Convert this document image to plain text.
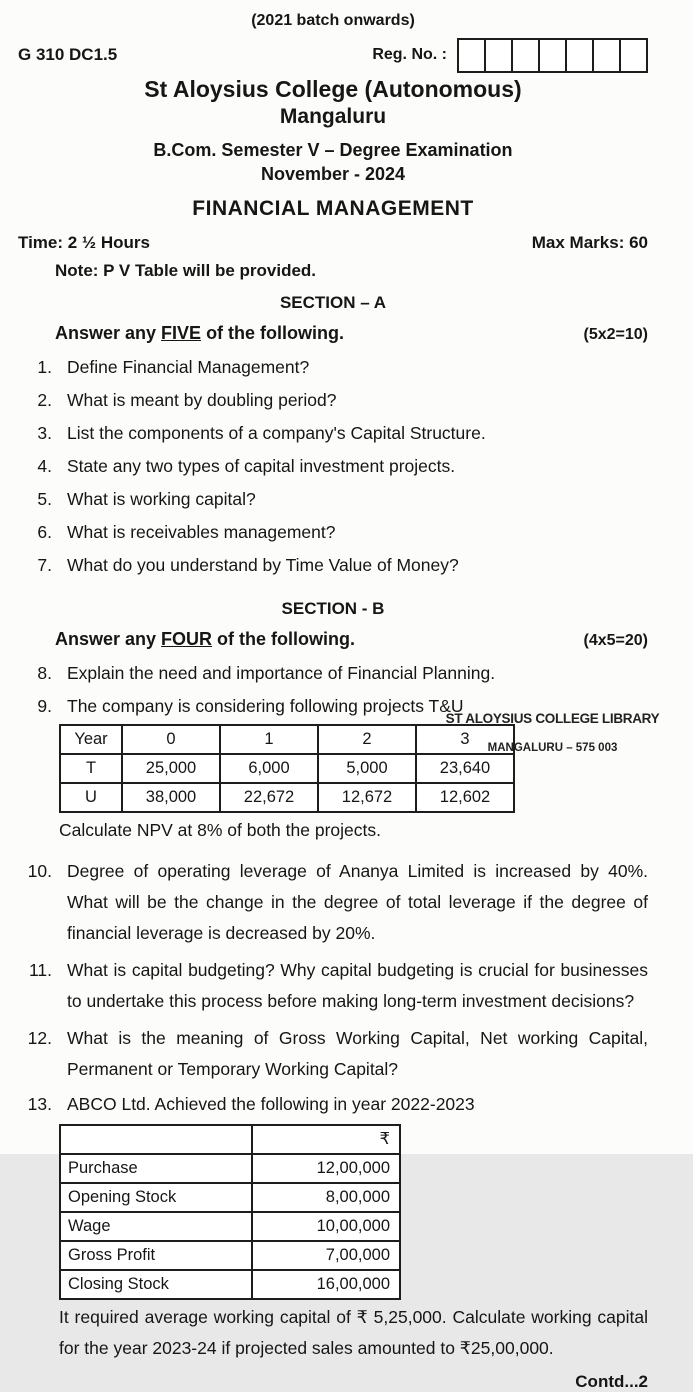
(2021 batch onwards)
G 310 DC1.5	Reg. No. :
St Aloysius College (Autonomous)
Mangaluru
B.Com. Semester V – Degree Examination
November - 2024
FINANCIAL MANAGEMENT
Time: 2 ½ Hours	Max Marks: 60
Note: P V Table will be provided.
SECTION – A
Answer any FIVE of the following.	(5x2=10)
1. Define Financial Management?
2. What is meant by doubling period?
3. List the components of a company's Capital Structure.
4. State any two types of capital investment projects.
5. What is working capital?
6. What is receivables management?
7. What do you understand by Time Value of Money?
SECTION - B
Answer any FOUR of the following.	(4x5=20)
8. Explain the need and importance of Financial Planning.
9. The company is considering following projects T&U
Year	0	1	2	3
T	25,000	6,000	5,000	23,640
U	38,000	22,672	12,672	12,602
Calculate NPV at 8% of both the projects.
ST ALOYSIUS COLLEGE LIBRARY
MANGALURU – 575 003
10. Degree of operating leverage of Ananya Limited is increased by 40%. What will be the change in the degree of total leverage if the degree of financial leverage is decreased by 20%.
11. What is capital budgeting? Why capital budgeting is crucial for businesses to undertake this process before making long-term investment decisions?
12. What is the meaning of Gross Working Capital, Net working Capital, Permanent or Temporary Working Capital?
13. ABCO Ltd. Achieved the following in year 2022-2023
	₹
Purchase	12,00,000
Opening Stock	8,00,000
Wage	10,00,000
Gross Profit	7,00,000
Closing Stock	16,00,000
It required average working capital of ₹ 5,25,000. Calculate working capital for the year 2023-24 if projected sales amounted to ₹25,00,000.
Contd...2
